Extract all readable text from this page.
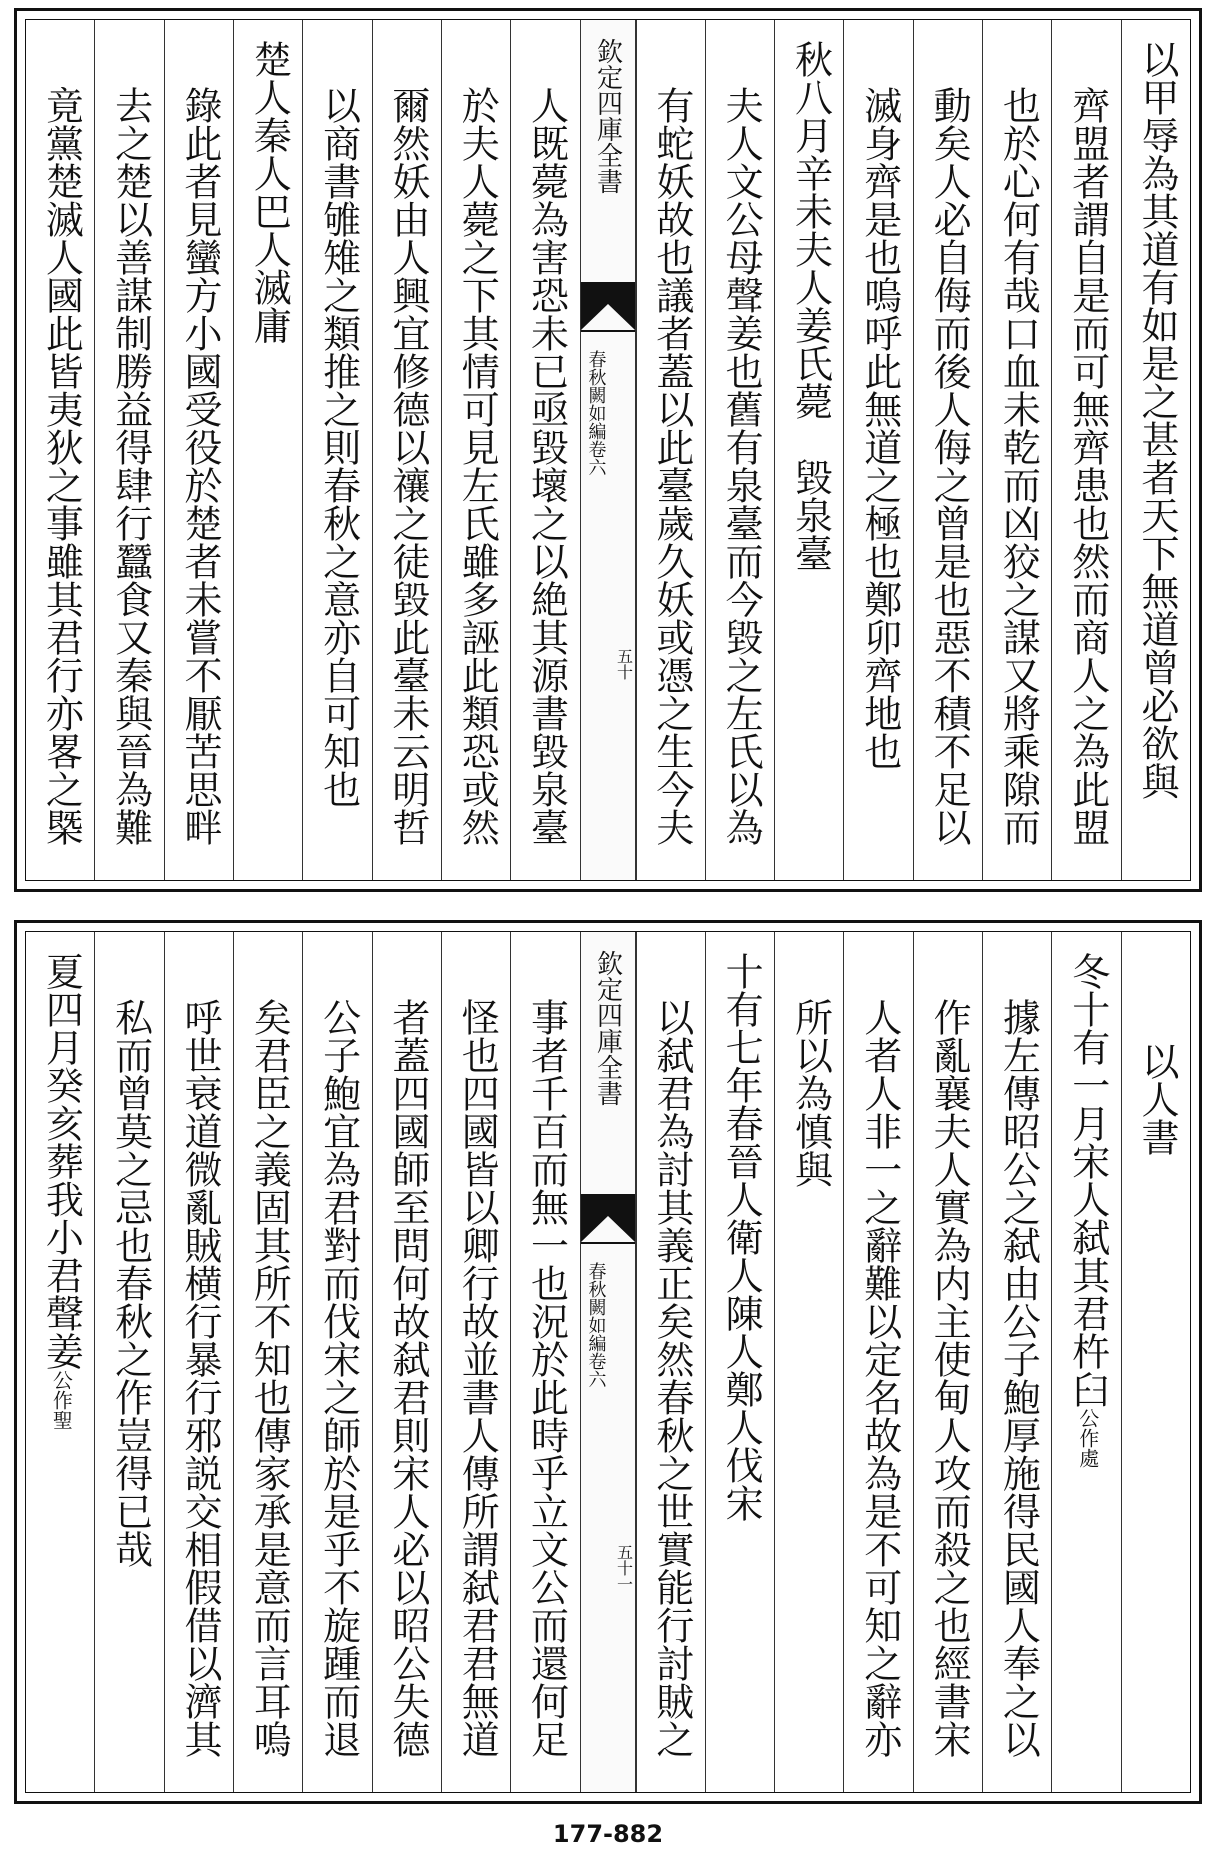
以甲辱為其道有如是之甚者天下無道曾必欲與
齊盟者謂自是而可無齊患也然而商人之為此盟
也於心何有哉口血未乾而凶狡之謀又將乘隙而
動矣人必自侮而後人侮之曾是也惡不積不足以
滅身齊是也嗚呼此無道之極也鄭卯齊地也
秋八月辛未夫人姜氏薨　毀泉臺
夫人文公母聲姜也舊有泉臺而今毀之左氏以為
有蛇妖故也議者蓋以此臺歲久妖或憑之生今夫
欽定四庫全書
春秋闕如編卷六
五十
人既薨為害恐未已亟毀壞之以絶其源書毀泉臺
於夫人薨之下其情可見左氏雖多誣此類恐或然
爾然妖由人興宜修德以禳之徒毀此臺未云明哲
以商書雊雉之類推之則春秋之意亦自可知也
楚人秦人巴人滅庸
錄此者見蠻方小國受役於楚者未嘗不厭苦思畔
去之楚以善謀制勝益得肆行蠶食又秦與晉為難
竟黨楚滅人國此皆夷狄之事雖其君行亦畧之槩
以人書
冬十有一月宋人弑其君杵臼公作處
據左傳昭公之弑由公子鮑厚施得民國人奉之以
作亂襄夫人實為内主使甸人攻而殺之也經書宋
人者人非一之辭難以定名故為是不可知之辭亦
所以為慎與
十有七年春晉人衛人陳人鄭人伐宋
以弑君為討其義正矣然春秋之世實能行討賊之
欽定四庫全書
春秋闕如編卷六
五十一
事者千百而無一也況於此時乎立文公而還何足
怪也四國皆以卿行故並書人傳所謂弑君君無道
者蓋四國師至問何故弑君則宋人必以昭公失德
公子鮑宜為君對而伐宋之師於是乎不旋踵而退
矣君臣之義固其所不知也傳家承是意而言耳嗚
呼世衰道微亂賊横行暴行邪説交相假借以濟其
私而曾莫之忌也春秋之作豈得已哉
夏四月癸亥葬我小君聲姜公作聖
177-882
